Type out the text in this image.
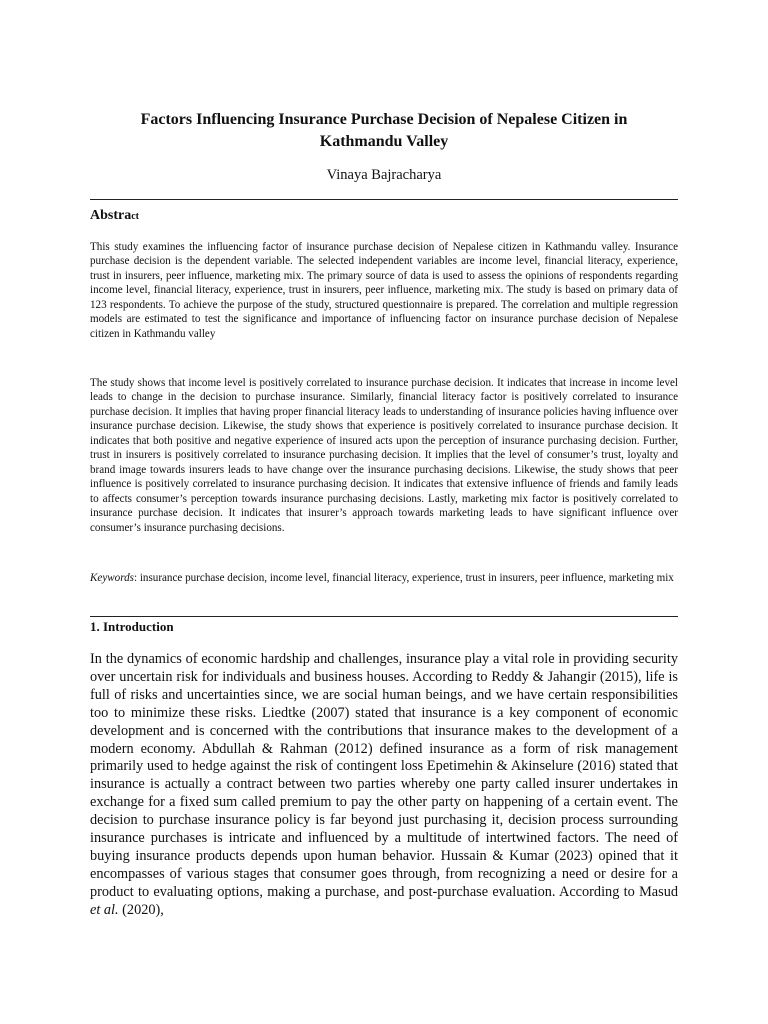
Factors Influencing Insurance Purchase Decision of Nepalese Citizen in
Kathmandu Valley
Vinaya Bajracharya
Abstract

This study examines the influencing factor of insurance purchase decision of Nepalese citizen in Kathmandu valley. Insurance purchase decision is the dependent variable. The selected independent variables are income level, financial literacy, experience, trust in insurers, peer influence, marketing mix. The primary source of data is used to assess the opinions of respondents regarding income level, financial literacy, experience, trust in insurers, peer influence, marketing mix. The study is based on primary data of 123 respondents. To achieve the purpose of the study, structured questionnaire is prepared. The correlation and multiple regression models are estimated to test the significance and importance of influencing factor on insurance purchase decision of Nepalese citizen in Kathmandu valley

The study shows that income level is positively correlated to insurance purchase decision. It indicates that increase in income level leads to change in the decision to purchase insurance. Similarly, financial literacy factor is positively correlated to insurance purchase decision. It implies that having proper financial literacy leads to understanding of insurance policies having influence over insurance purchase decision. Likewise, the study shows that experience is positively correlated to insurance purchase decision. It indicates that both positive and negative experience of insured acts upon the perception of insurance purchasing decision. Further, trust in insurers is positively correlated to insurance purchasing decision. It implies that the level of consumer’s trust, loyalty and brand image towards insurers leads to have change over the insurance purchasing decisions. Likewise, the study shows that peer influence is positively correlated to insurance purchasing decision. It indicates that extensive influence of friends and family leads to affects consumer’s perception towards insurance purchasing decisions. Lastly, marketing mix factor is positively correlated to insurance purchase decision. It indicates that insurer’s approach towards marketing leads to have significant influence over consumer’s insurance purchasing decisions.

Keywords: insurance purchase decision, income level, financial literacy, experience, trust in insurers, peer influence, marketing mix

1. Introduction

In the dynamics of economic hardship and challenges, insurance play a vital role in providing security over uncertain risk for individuals and business houses. According to Reddy & Jahangir (2015), life is full of risks and uncertainties since, we are social human beings, and we have certain responsibilities too to minimize these risks. Liedtke (2007) stated that insurance is a key component of economic development and is concerned with the contributions that insurance makes to the development of a modern economy. Abdullah & Rahman (2012) defined insurance as a form of risk management primarily used to hedge against the risk of contingent loss Epetimehin & Akinselure (2016) stated that insurance is actually a contract between two parties whereby one party called insurer undertakes in exchange for a fixed sum called premium to pay the other party on happening of a certain event. The decision to purchase insurance policy is far beyond just purchasing it, decision process surrounding insurance purchases is intricate and influenced by a multitude of intertwined factors. The need of buying insurance products depends upon human behavior. Hussain & Kumar (2023) opined that it encompasses of various stages that consumer goes through, from recognizing a need or desire for a product to evaluating options, making a purchase, and post-purchase evaluation. According to Masud et al. (2020),
